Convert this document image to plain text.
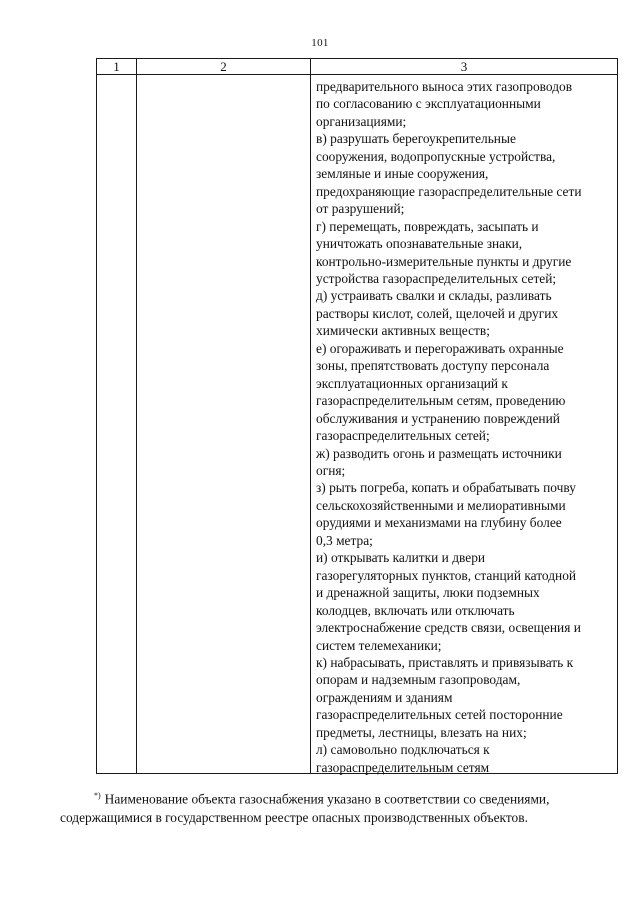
101
1	2	3
предварительного выноса этих газопроводов
по согласованию с эксплуатационными
организациями;
в) разрушать берегоукрепительные
сооружения, водопропускные устройства,
земляные и иные сооружения,
предохраняющие газораспределительные сети
от разрушений;
г) перемещать, повреждать, засыпать и
уничтожать опознавательные знаки,
контрольно-измерительные пункты и другие
устройства газораспределительных сетей;
д) устраивать свалки и склады, разливать
растворы кислот, солей, щелочей и других
химически активных веществ;
е) огораживать и перегораживать охранные
зоны, препятствовать доступу персонала
эксплуатационных организаций к
газораспределительным сетям, проведению
обслуживания и устранению повреждений
газораспределительных сетей;
ж) разводить огонь и размещать источники
огня;
з) рыть погреба, копать и обрабатывать почву
сельскохозяйственными и мелиоративными
орудиями и механизмами на глубину более
0,3 метра;
и) открывать калитки и двери
газорегуляторных пунктов, станций катодной
и дренажной защиты, люки подземных
колодцев, включать или отключать
электроснабжение средств связи, освещения и
систем телемеханики;
к) набрасывать, приставлять и привязывать к
опорам и надземным газопроводам,
ограждениям и зданиям
газораспределительных сетей посторонние
предметы, лестницы, влезать на них;
л) самовольно подключаться к
газораспределительным сетям
*) Наименование объекта газоснабжения указано в соответствии со сведениями,
содержащимися в государственном реестре опасных производственных объектов.
